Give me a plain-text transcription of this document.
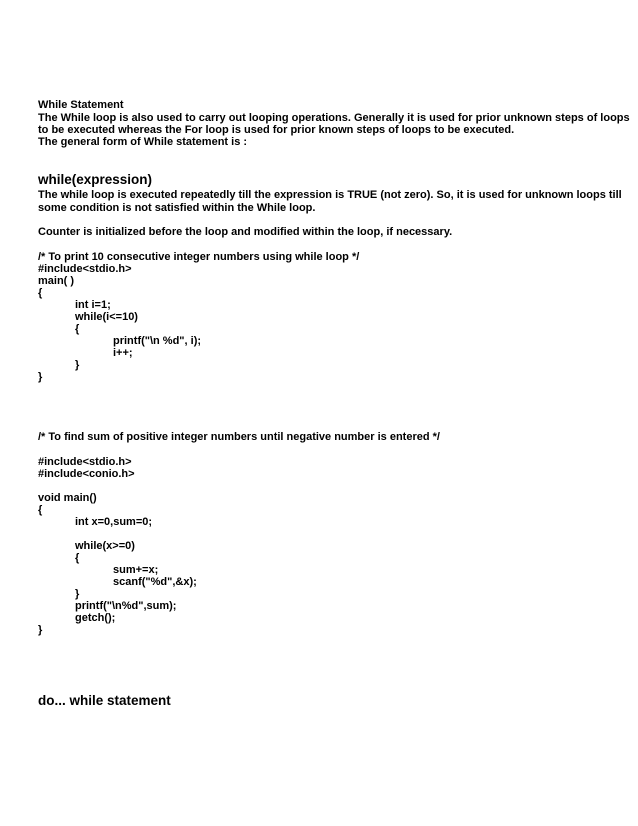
While Statement
The While loop is also used to carry out looping operations. Generally it is used for prior unknown steps of loops
to be executed whereas the For loop is used for prior known steps of loops to be executed.
The general form of While statement is :
while(expression)
The while loop is executed repeatedly till the expression is TRUE (not zero). So, it is used for unknown loops till
some condition is not satisfied within the While loop.
Counter is initialized before the loop and modified within the loop, if necessary.
/* To print 10 consecutive integer numbers using while loop */
#include<stdio.h>
main( )
{
int i=1;
while(i<=10)
{
printf("\n %d", i);
i++;
}
}
/* To find sum of positive integer numbers until negative number is entered */
#include<stdio.h>
#include<conio.h>
void main()
{
int x=0,sum=0;
while(x>=0)
{
sum+=x;
scanf("%d",&x);
}
printf("\n%d",sum);
getch();
}
do... while statement
